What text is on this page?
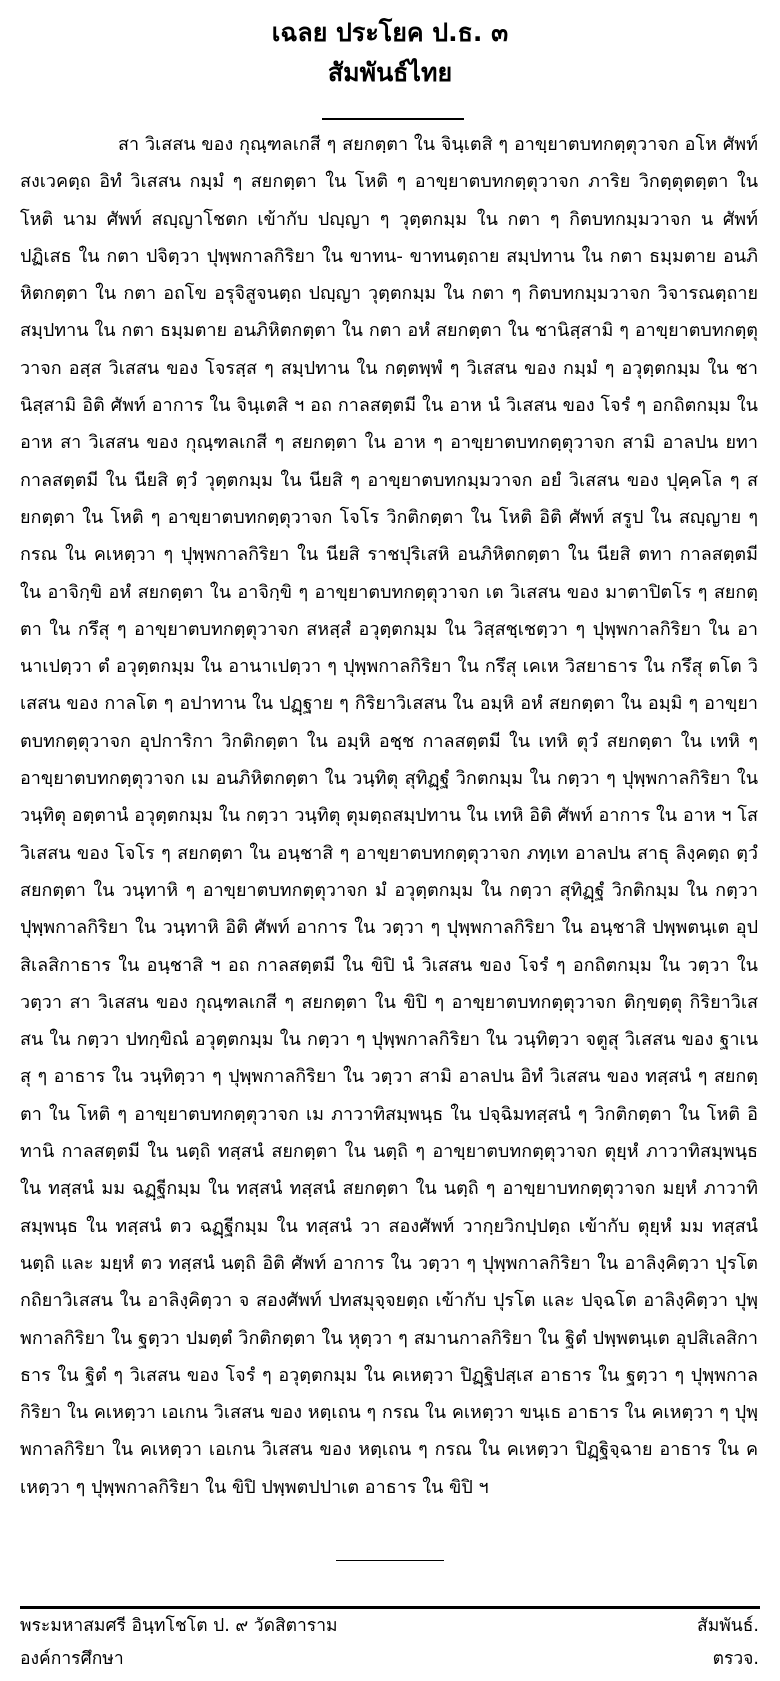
เฉลย ประโยค ป.ธ. ๓
สัมพันธ์ไทย

สา วิเสสน ของ กุณฺฑลเกสี ๆ สยกตฺตา ใน จินฺเตสิ ๆ อาขฺยาตบทกตฺตุวาจก อโห ศัพท์ สงเวคตฺถ อิทํ วิเสสน กมฺมํ ๆ สยกตฺตา ใน โหติ ๆ อาขฺยาตบทกตฺตุวาจก ภาริย วิกตฺตุตตฺตา ใน โหติ นาม ศัพท์ สญฺญาโชตก เข้ากับ ปญฺญา ๆ วุตฺตกมฺม ใน กตา ๆ กิตบทกมฺมวาจก น ศัพท์ ปฏิเสธ ใน กตา ปจิตฺวา ปุพฺพกาลกิริยา ใน ขาทน- ขาทนตฺถาย สมฺปทาน ใน กตา ธมฺมตาย อนภิหิตกตฺตา ใน กตา อถโข อรุจิสูจนตฺถ ปญฺญา วุตฺตกมฺม ใน กตา ๆ กิตบทกมฺมวาจก วิจารณตฺถาย สมฺปทาน ใน กตา ธมฺมตาย อนภิหิตกตฺตา ใน กตา อหํ สยกตฺตา ใน ชานิสฺสามิ ๆ อาขฺยาตบทกตฺตุวาจก อสฺส วิเสสน ของ โจรสฺส ๆ สมฺปทาน ใน กตฺตพฺพํ ๆ วิเสสน ของ กมฺมํ ๆ อวุตฺตกมฺม ใน ชานิสฺสามิ อิติ ศัพท์ อาการ ใน จินฺเตสิ ฯ อถ กาลสตฺตมี ใน อาห นํ วิเสสน ของ โจรํ ๆ อกถิตกมฺม ใน อาห สา วิเสสน ของ กุณฺฑลเกสี ๆ สยกตฺตา ใน อาห ๆ อาขฺยาตบทกตฺตุวาจก สามิ อาลปน ยทา กาลสตฺตมี ใน นียสิ ตฺวํ วุตฺตกมฺม ใน นียสิ ๆ อาขฺยาตบทกมฺมวาจก อยํ วิเสสน ของ ปุคฺคโล ๆ สยกตฺตา ใน โหติ ๆ อาขฺยาตบทกตฺตุวาจก โจโร วิกติกตฺตา ใน โหติ อิติ ศัพท์ สรูป ใน สญฺญาย ๆ กรณ ใน คเหตฺวา ๆ ปุพฺพกาลกิริยา ใน นียสิ ราชปุริเสหิ อนภิหิตกตฺตา ใน นียสิ ตทา กาลสตฺตมี ใน อาจิกฺขิ อหํ สยกตฺตา ใน อาจิกฺขิ ๆ อาขฺยาตบทกตฺตุวาจก เต วิเสสน ของ มาตาปิตโร ๆ สยกตฺตา ใน กรึสุ ๆ อาขฺยาตบทกตฺตุวาจก สหสฺสํ อวุตฺตกมฺม ใน วิสฺสชฺเชตฺวา ๆ ปุพฺพกาลกิริยา ใน อานาเปตฺวา ตํ อวุตฺตกมฺม ใน อานาเปตฺวา ๆ ปุพฺพกาลกิริยา ใน กรึสุ เคเห วิสยาธาร ใน กรึสุ ตโต วิเสสน ของ กาลโต ๆ อปาทาน ใน ปฏฺฐาย ๆ กิริยาวิเสสน ใน อมฺหิ อหํ สยกตฺตา ใน อมฺมิ ๆ อาขฺยาตบทกตฺตุวาจก อุปการิกา วิกติกตฺตา ใน อมฺหิ อชฺช กาลสตฺตมี ใน เทหิ ตุวํ สยกตฺตา ใน เทหิ ๆ อาขฺยาตบทกตฺตุวาจก เม อนภิหิตกตฺตา ใน วนฺทิตุ สุทิฏฺฐํ วิกตกมฺม ใน กตฺวา ๆ ปุพฺพกาลกิริยา ใน วนฺทิตุ อตฺตานํ อวุตฺตกมฺม ใน กตฺวา วนฺทิตุ ตุมตฺถสมฺปทาน ใน เทหิ อิติ ศัพท์ อาการ ใน อาห ฯ โส วิเสสน ของ โจโร ๆ สยกตฺตา ใน อนฺชาสิ ๆ อาขฺยาตบทกตฺตุวาจก ภทฺเท อาลปน สาธุ ลิงฺคตฺถ ตฺวํ สยกตฺตา ใน วนฺทาหิ ๆ อาขฺยาตบทกตฺตุวาจก มํ อวุตฺตกมฺม ใน กตฺวา สุทิฏฺฐํ วิกติกมฺม ใน กตฺวา ปุพฺพกาลกิริยา ใน วนฺทาหิ อิติ ศัพท์ อาการ ใน วตฺวา ๆ ปุพฺพกาลกิริยา ใน อนฺชาสิ ปพฺพตนฺเต อุปสิเลสิกาธาร ใน อนฺชาสิ ฯ อถ กาลสตฺตมี ใน ขิปิ นํ วิเสสน ของ โจรํ ๆ อกถิตกมฺม ใน วตฺวา ใน วตฺวา สา วิเสสน ของ กุณฺฑลเกสี ๆ สยกตฺตา ใน ขิปิ ๆ อาขฺยาตบทกตฺตุวาจก ติกฺขตฺตุ กิริยาวิเสสน ใน กตฺวา ปทกฺขิณํ อวุตฺตกมฺม ใน กตฺวา ๆ ปุพฺพกาลกิริยา ใน วนฺทิตฺวา จตูสุ วิเสสน ของ ฐาเนสุ ๆ อาธาร ใน วนฺทิตฺวา ๆ ปุพฺพกาลกิริยา ใน วตฺวา สามิ อาลปน อิทํ วิเสสน ของ ทสฺสนํ ๆ สยกตฺตา ใน โหติ ๆ อาขฺยาตบทกตฺตุวาจก เม ภาวาทิสมฺพนฺธ ใน ปจฺฉิมทสฺสนํ ๆ วิกติกตฺตา ใน โหติ อิทานิ กาลสตฺตมี ใน นตฺถิ ทสฺสนํ สยกตฺตา ใน นตฺถิ ๆ อาขฺยาตบทกตฺตุวาจก ตุยฺหํ ภาวาทิสมฺพนฺธ ใน ทสฺสนํ มม ฉฏฺฐีกมฺม ใน ทสฺสนํ ทสฺสนํ สยกตฺตา ใน นตฺถิ ๆ อาขฺยาบทกตฺตุวาจก มยฺหํ ภาวาทิสมฺพนฺธ ใน ทสฺสนํ ตว ฉฏฺฐีกมฺม ใน ทสฺสนํ วา สองศัพท์ วากฺยวิกปฺปตฺถ เข้ากับ ตุยฺหํ มม ทสฺสนํ นตฺถิ และ มยฺหํ ตว ทสฺสนํ นตฺถิ อิติ ศัพท์ อาการ ใน วตฺวา ๆ ปุพฺพกาลกิริยา ใน อาลิงฺคิตฺวา ปุรโต กถิยาวิเสสน ใน อาลิงฺคิตฺวา จ สองศัพท์ ปทสมุจฺจยตฺถ เข้ากับ ปุรโต และ ปจฺฉโต อาลิงฺคิตฺวา ปุพฺพกาลกิริยา ใน ฐตฺวา ปมตฺตํ วิกติกตฺตา ใน หุตฺวา ๆ สมานกาลกิริยา ใน ฐิตํ ปพฺพตนฺเต อุปสิเลสิกาธาร ใน ฐิตํ ๆ วิเสสน ของ โจรํ ๆ อวุตฺตกมฺม ใน คเหตฺวา ปิฏฺฐิปสฺเส อาธาร ใน ฐตฺวา ๆ ปุพฺพกาลกิริยา ใน คเหตฺวา เอเกน วิเสสน ของ หตฺเถน ๆ กรณ ใน คเหตฺวา ขนฺเธ อาธาร ใน คเหตฺวา ๆ ปุพฺพกาลกิริยา ใน คเหตฺวา เอเกน วิเสสน ของ หตฺเถน ๆ กรณ ใน คเหตฺวา ปิฏฺฐิจฺฉาย อาธาร ใน คเหตฺวา ๆ ปุพฺพกาลกิริยา ใน ขิปิ ปพฺพตปปาเต อาธาร ใน ขิปิ ฯ

พระมหาสมศรี อินฺทโชโต ป. ๙ วัดสิตาราม
องค์การศึกษา
สัมพันธ์.
ตรวจ.
